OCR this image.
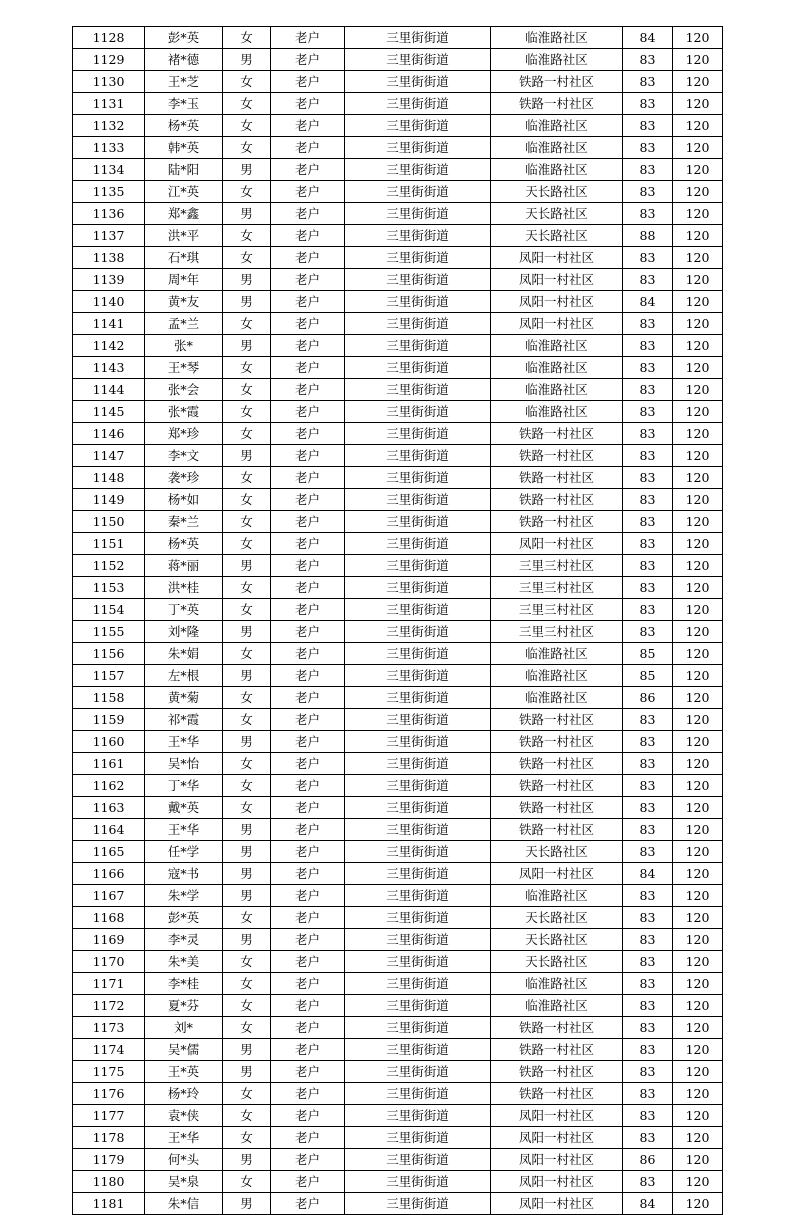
1128	彭*英	女	老户	三里街街道	临淮路社区	84	120
1129	褚*德	男	老户	三里街街道	临淮路社区	83	120
1130	王*芝	女	老户	三里街街道	铁路一村社区	83	120
1131	李*玉	女	老户	三里街街道	铁路一村社区	83	120
1132	杨*英	女	老户	三里街街道	临淮路社区	83	120
1133	韩*英	女	老户	三里街街道	临淮路社区	83	120
1134	陆*阳	男	老户	三里街街道	临淮路社区	83	120
1135	江*英	女	老户	三里街街道	天长路社区	83	120
1136	郑*鑫	男	老户	三里街街道	天长路社区	83	120
1137	洪*平	女	老户	三里街街道	天长路社区	88	120
1138	石*琪	女	老户	三里街街道	凤阳一村社区	83	120
1139	周*年	男	老户	三里街街道	凤阳一村社区	83	120
1140	黄*友	男	老户	三里街街道	凤阳一村社区	84	120
1141	孟*兰	女	老户	三里街街道	凤阳一村社区	83	120
1142	张*	男	老户	三里街街道	临淮路社区	83	120
1143	王*琴	女	老户	三里街街道	临淮路社区	83	120
1144	张*会	女	老户	三里街街道	临淮路社区	83	120
1145	张*霞	女	老户	三里街街道	临淮路社区	83	120
1146	郑*珍	女	老户	三里街街道	铁路一村社区	83	120
1147	李*文	男	老户	三里街街道	铁路一村社区	83	120
1148	袭*珍	女	老户	三里街街道	铁路一村社区	83	120
1149	杨*如	女	老户	三里街街道	铁路一村社区	83	120
1150	秦*兰	女	老户	三里街街道	铁路一村社区	83	120
1151	杨*英	女	老户	三里街街道	凤阳一村社区	83	120
1152	蒋*丽	男	老户	三里街街道	三里三村社区	83	120
1153	洪*桂	女	老户	三里街街道	三里三村社区	83	120
1154	丁*英	女	老户	三里街街道	三里三村社区	83	120
1155	刘*隆	男	老户	三里街街道	三里三村社区	83	120
1156	朱*娟	女	老户	三里街街道	临淮路社区	85	120
1157	左*根	男	老户	三里街街道	临淮路社区	85	120
1158	黄*菊	女	老户	三里街街道	临淮路社区	86	120
1159	祁*霞	女	老户	三里街街道	铁路一村社区	83	120
1160	王*华	男	老户	三里街街道	铁路一村社区	83	120
1161	吴*怡	女	老户	三里街街道	铁路一村社区	83	120
1162	丁*华	女	老户	三里街街道	铁路一村社区	83	120
1163	戴*英	女	老户	三里街街道	铁路一村社区	83	120
1164	王*华	男	老户	三里街街道	铁路一村社区	83	120
1165	任*学	男	老户	三里街街道	天长路社区	83	120
1166	寇*书	男	老户	三里街街道	凤阳一村社区	84	120
1167	朱*学	男	老户	三里街街道	临淮路社区	83	120
1168	彭*英	女	老户	三里街街道	天长路社区	83	120
1169	李*灵	男	老户	三里街街道	天长路社区	83	120
1170	朱*美	女	老户	三里街街道	天长路社区	83	120
1171	李*桂	女	老户	三里街街道	临淮路社区	83	120
1172	夏*芬	女	老户	三里街街道	临淮路社区	83	120
1173	刘*	女	老户	三里街街道	铁路一村社区	83	120
1174	吴*儒	男	老户	三里街街道	铁路一村社区	83	120
1175	王*英	男	老户	三里街街道	铁路一村社区	83	120
1176	杨*玲	女	老户	三里街街道	铁路一村社区	83	120
1177	袁*侠	女	老户	三里街街道	凤阳一村社区	83	120
1178	王*华	女	老户	三里街街道	凤阳一村社区	83	120
1179	何*头	男	老户	三里街街道	凤阳一村社区	86	120
1180	吴*泉	女	老户	三里街街道	凤阳一村社区	83	120
1181	朱*信	男	老户	三里街街道	凤阳一村社区	84	120
